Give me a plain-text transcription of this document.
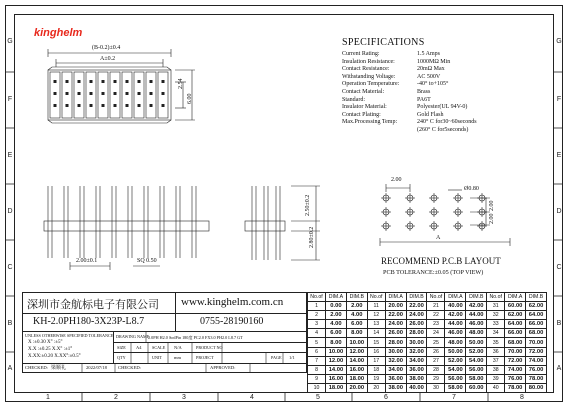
G
F
E
D
C
B
A
G
F
E
D
C
B
A
1	2	3	4	5	6	7	8
kinghelm
(B-0.2)±0.4
A±0.2
2.54
6.00
2.00±0.1	SQ 0.50
2.50±0.2
2.80±0.2
SPECIFICATIONS
Current Rating:	1.5 Amps
Insulation Resistance:	1000MΩ Min
Contact Resistance:	20mΩ Max
Withstanding Voltage:	AC 500V
Operation Temperature:	-40° to+105°
Contact Material:	Brass
Standard:	PA6T
Insulator Material:	Polyester(UL 94V-0)
Contact Plating:	Gold Flash
Max.Processing Temp:	240° C for30~60seconds
(260° C for5seconds)
2.00
Ø0.80
2.00
2.00
A
RECOMMEND P.C.B LAYOUT
PCB TOLERANCE:±0.05 (TOP VIEW)
深圳市金航标电子有限公司 www.kinghelm.com.cn
KH-2.0PH180-3X23P-L8.7	0755-28190160
UNLESS OTHERWISE SPECIFIED TOLERANCE
X :±0.30 X° :±5°
X.X :±0.25 X.X° :±1°
X.XX:±0.20 X.XX°:±0.5°
DRAWING NAME
2.0PH H2.0 SodPin 180度 PC2.0 FX3.0 PH2.0 L8.7 GT
SIZE A4	SCALE N/A	PRODUCT NO
QTY	UNIT	mm	PROJECT	PAGE 1/1
CHECKED: 梁顺礼	2022/07/18 CHECKED:	APPROVED:
No.of	DIM.A	DIM.B	No.of	DIM.A	DIM.B	No.of	DIM.A	DIM.B	No.of	DIM.A	DIM.B
1	0.00	2.00	11	20.00	22.00	21	40.00	42.00	31	60.00	62.00
2	2.00	4.00	12	22.00	24.00	22	42.00	44.00	32	62.00	64.00
3	4.00	6.00	13	24.00	26.00	23	44.00	46.00	33	64.00	66.00
4	6.00	8.00	14	26.00	28.00	24	46.00	48.00	34	66.00	68.00
5	8.00	10.00	15	28.00	30.00	25	48.00	50.00	35	68.00	70.00
6	10.00	12.00	16	30.00	32.00	26	50.00	52.00	36	70.00	72.00
7	12.00	14.00	17	32.00	34.00	27	52.00	54.00	37	72.00	74.00
8	14.00	16.00	18	34.00	36.00	28	54.00	56.00	38	74.00	76.00
9	16.00	18.00	19	36.00	38.00	29	56.00	58.00	39	76.00	78.00
10	18.00	20.00	20	38.00	40.00	30	58.00	60.00	40	78.00	80.00
